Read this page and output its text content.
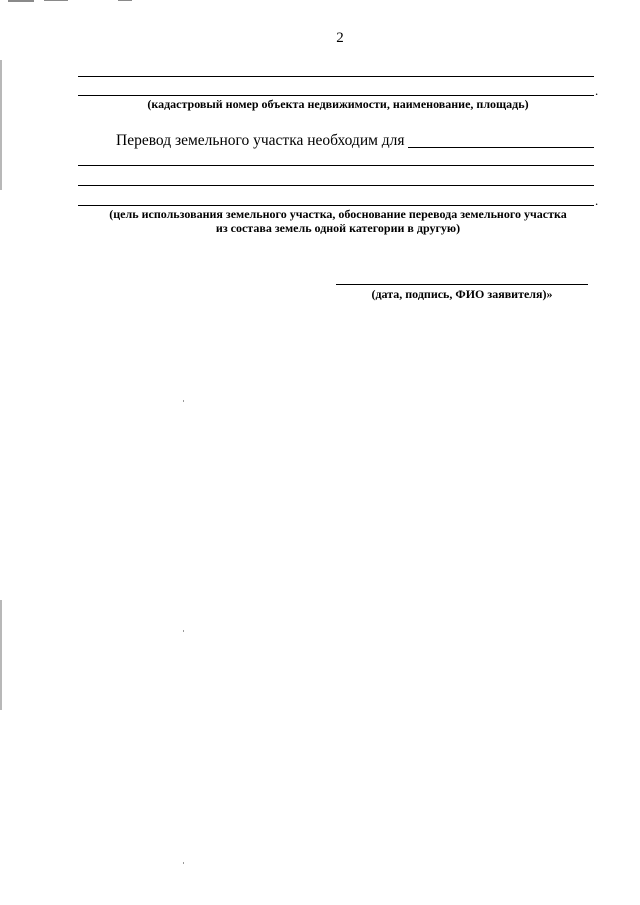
2
.
(кадастровый номер объекта недвижимости, наименование, площадь)
Перевод земельного участка необходим для
.
(цель использования земельного участка, обоснование перевода земельного участка
из состава земель одной категории в другую)
(дата, подпись, ФИО заявителя)»
